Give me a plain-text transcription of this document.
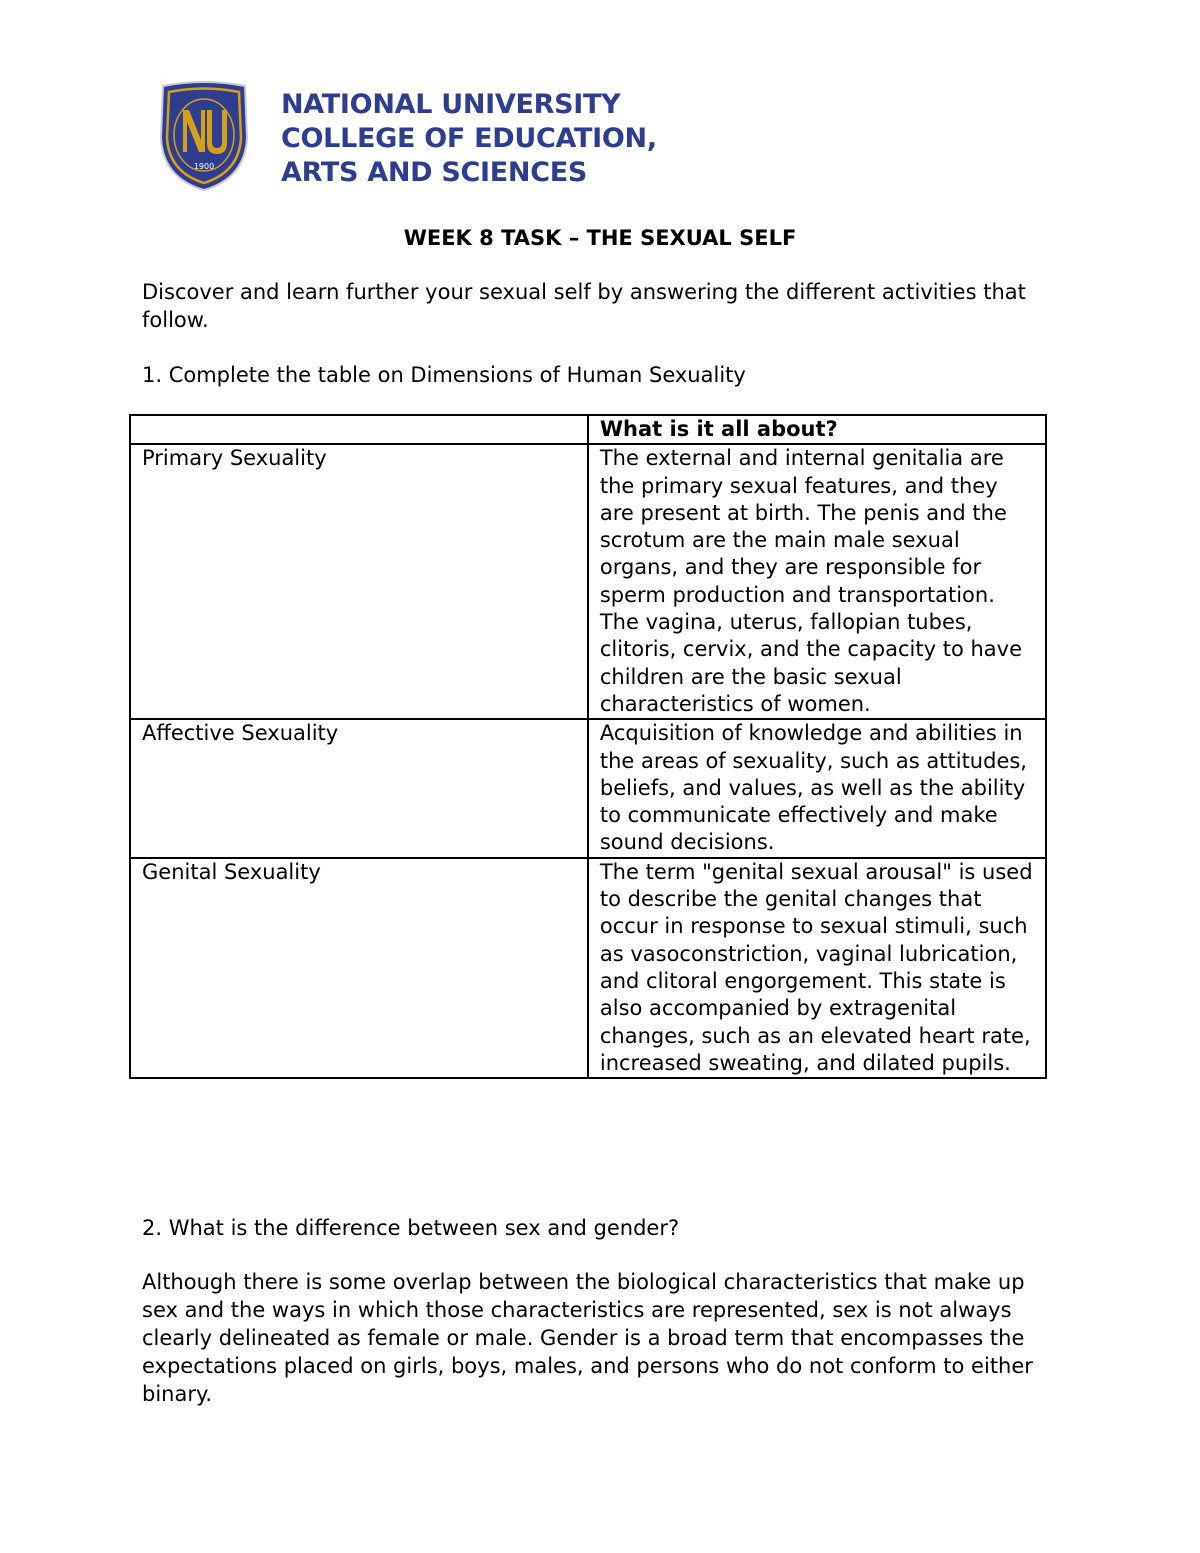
1900
NATIONAL UNIVERSITY
COLLEGE OF EDUCATION,
ARTS AND SCIENCES
WEEK 8 TASK – THE SEXUAL SELF
Discover and learn further your sexual self by answering the different activities that follow.
1. Complete the table on Dimensions of Human Sexuality
	What is it all about?
Primary Sexuality	The external and internal genitalia are the primary sexual features, and they are present at birth. The penis and the scrotum are the main male sexual organs, and they are responsible for sperm production and transportation. The vagina, uterus, fallopian tubes, clitoris, cervix, and the capacity to have children are the basic sexual characteristics of women.
Affective Sexuality	Acquisition of knowledge and abilities in the areas of sexuality, such as attitudes, beliefs, and values, as well as the ability to communicate effectively and make sound decisions.
Genital Sexuality	The term "genital sexual arousal" is used to describe the genital changes that occur in response to sexual stimuli, such as vasoconstriction, vaginal lubrication, and clitoral engorgement. This state is also accompanied by extragenital changes, such as an elevated heart rate, increased sweating, and dilated pupils.
2. What is the difference between sex and gender?
Although there is some overlap between the biological characteristics that make up sex and the ways in which those characteristics are represented, sex is not always clearly delineated as female or male. Gender is a broad term that encompasses the expectations placed on girls, boys, males, and persons who do not conform to either binary.
